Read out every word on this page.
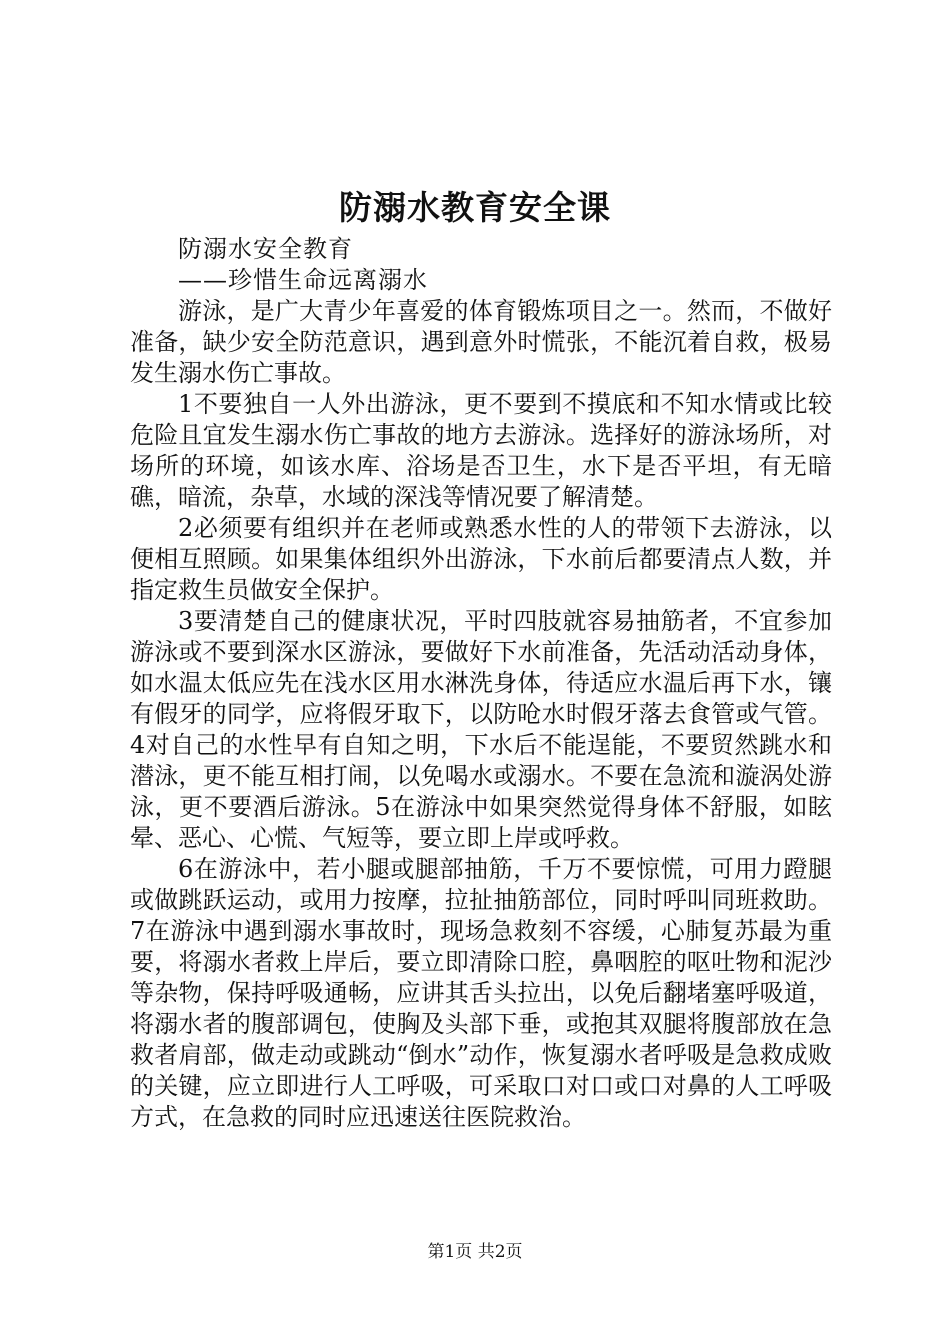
防溺水教育安全课

防溺水安全教育

——珍惜生命远离溺水

游泳，是广大青少年喜爱的体育锻炼项目之一。然而，不做好准备，缺少安全防范意识，遇到意外时慌张，不能沉着自救，极易发生溺水伤亡事故。

1不要独自一人外出游泳，更不要到不摸底和不知水情或比较危险且宜发生溺水伤亡事故的地方去游泳。选择好的游泳场所，对场所的环境，如该水库、浴场是否卫生，水下是否平坦，有无暗礁，暗流，杂草，水域的深浅等情况要了解清楚。

2必须要有组织并在老师或熟悉水性的人的带领下去游泳，以便相互照顾。如果集体组织外出游泳，下水前后都要清点人数，并指定救生员做安全保护。

3要清楚自己的健康状况，平时四肢就容易抽筋者，不宜参加游泳或不要到深水区游泳，要做好下水前准备，先活动活动身体，如水温太低应先在浅水区用水淋洗身体，待适应水温后再下水，镶有假牙的同学，应将假牙取下，以防呛水时假牙落去食管或气管。4对自己的水性早有自知之明，下水后不能逞能，不要贸然跳水和潜泳，更不能互相打闹，以免喝水或溺水。不要在急流和漩涡处游泳，更不要酒后游泳。5在游泳中如果突然觉得身体不舒服，如眩晕、恶心、心慌、气短等，要立即上岸或呼救。

6在游泳中，若小腿或腿部抽筋，千万不要惊慌，可用力蹬腿或做跳跃运动，或用力按摩，拉扯抽筋部位，同时呼叫同班救助。7在游泳中遇到溺水事故时，现场急救刻不容缓，心肺复苏最为重要，将溺水者救上岸后，要立即清除口腔，鼻咽腔的呕吐物和泥沙等杂物，保持呼吸通畅，应讲其舌头拉出，以免后翻堵塞呼吸道，将溺水者的腹部调包，使胸及头部下垂，或抱其双腿将腹部放在急救者肩部，做走动或跳动“倒水”动作，恢复溺水者呼吸是急救成败的关键，应立即进行人工呼吸，可采取口对口或口对鼻的人工呼吸方式，在急救的同时应迅速送往医院救治。

第1页 共2页
